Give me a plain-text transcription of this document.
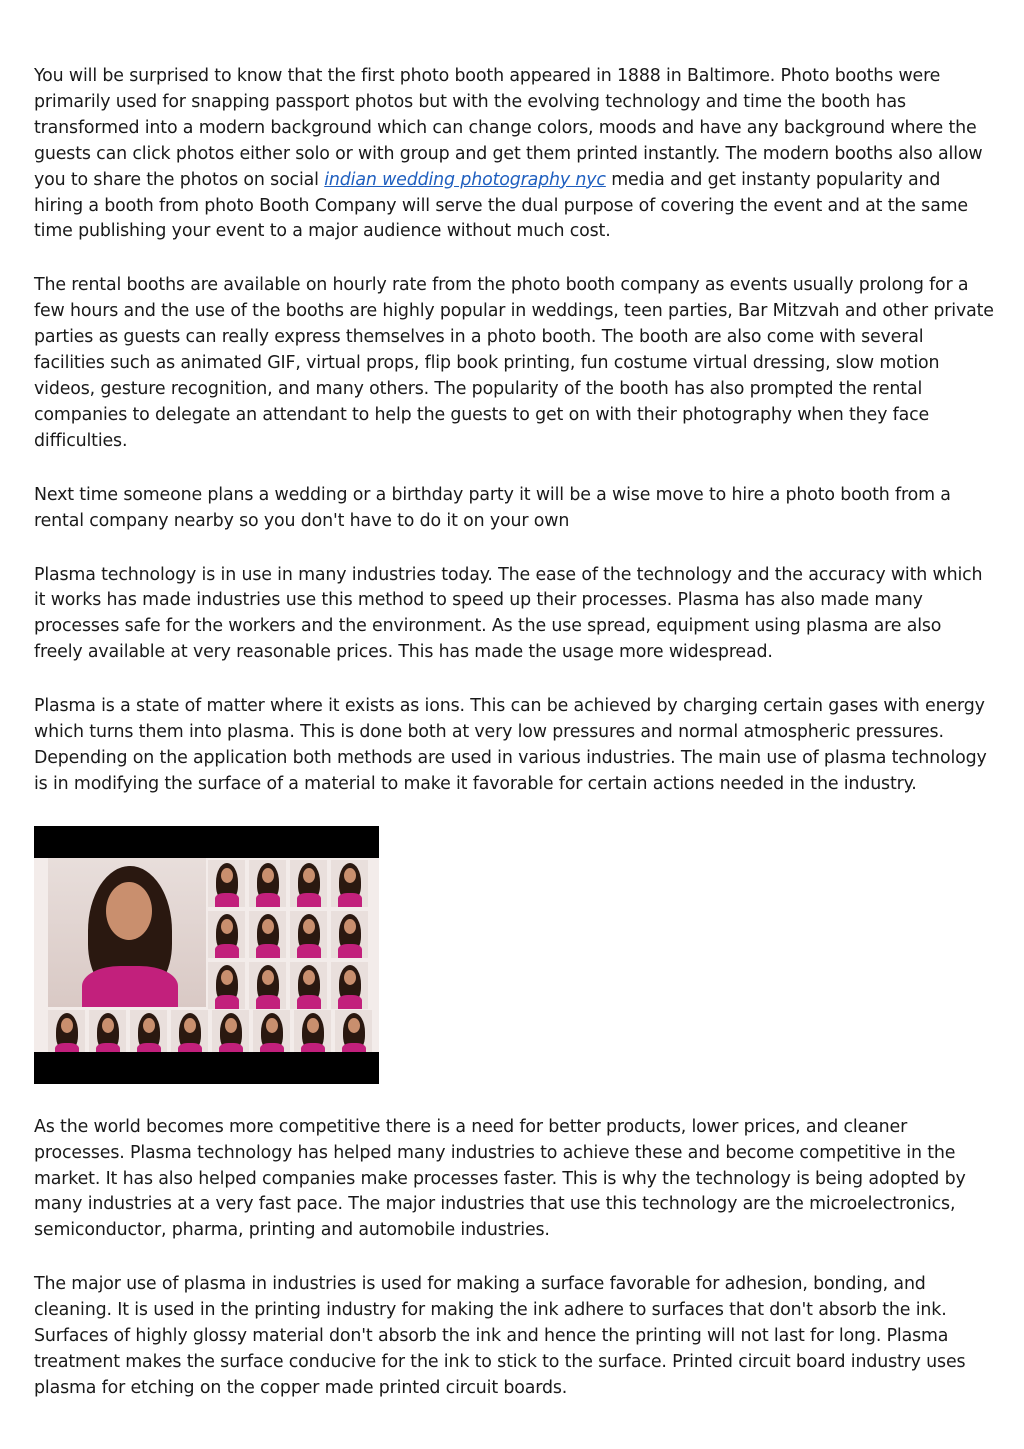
You will be surprised to know that the first photo booth appeared in 1888 in Baltimore. Photo booths were primarily used for snapping passport photos but with the evolving technology and time the booth has transformed into a modern background which can change colors, moods and have any background where the guests can click photos either solo or with group and get them printed instantly. The modern booths also allow you to share the photos on social indian wedding photography nyc media and get instanty popularity and hiring a booth from photo Booth Company will serve the dual purpose of covering the event and at the same time publishing your event to a major audience without much cost.

The rental booths are available on hourly rate from the photo booth company as events usually prolong for a few hours and the use of the booths are highly popular in weddings, teen parties, Bar Mitzvah and other private parties as guests can really express themselves in a photo booth. The booth are also come with several facilities such as animated GIF, virtual props, flip book printing, fun costume virtual dressing, slow motion videos, gesture recognition, and many others. The popularity of the booth has also prompted the rental companies to delegate an attendant to help the guests to get on with their photography when they face difficulties.

Next time someone plans a wedding or a birthday party it will be a wise move to hire a photo booth from a rental company nearby so you don't have to do it on your own

Plasma technology is in use in many industries today. The ease of the technology and the accuracy with which it works has made industries use this method to speed up their processes. Plasma has also made many processes safe for the workers and the environment. As the use spread, equipment using plasma are also freely available at very reasonable prices. This has made the usage more widespread.

Plasma is a state of matter where it exists as ions. This can be achieved by charging certain gases with energy which turns them into plasma. This is done both at very low pressures and normal atmospheric pressures. Depending on the application both methods are used in various industries. The main use of plasma technology is in modifying the surface of a material to make it favorable for certain actions needed in the industry.

As the world becomes more competitive there is a need for better products, lower prices, and cleaner processes. Plasma technology has helped many industries to achieve these and become competitive in the market. It has also helped companies make processes faster. This is why the technology is being adopted by many industries at a very fast pace. The major industries that use this technology are the microelectronics, semiconductor, pharma, printing and automobile industries.

The major use of plasma in industries is used for making a surface favorable for adhesion, bonding, and cleaning. It is used in the printing industry for making the ink adhere to surfaces that don't absorb the ink. Surfaces of highly glossy material don't absorb the ink and hence the printing will not last for long. Plasma treatment makes the surface conducive for the ink to stick to the surface. Printed circuit board industry uses plasma for etching on the copper made printed circuit boards.
